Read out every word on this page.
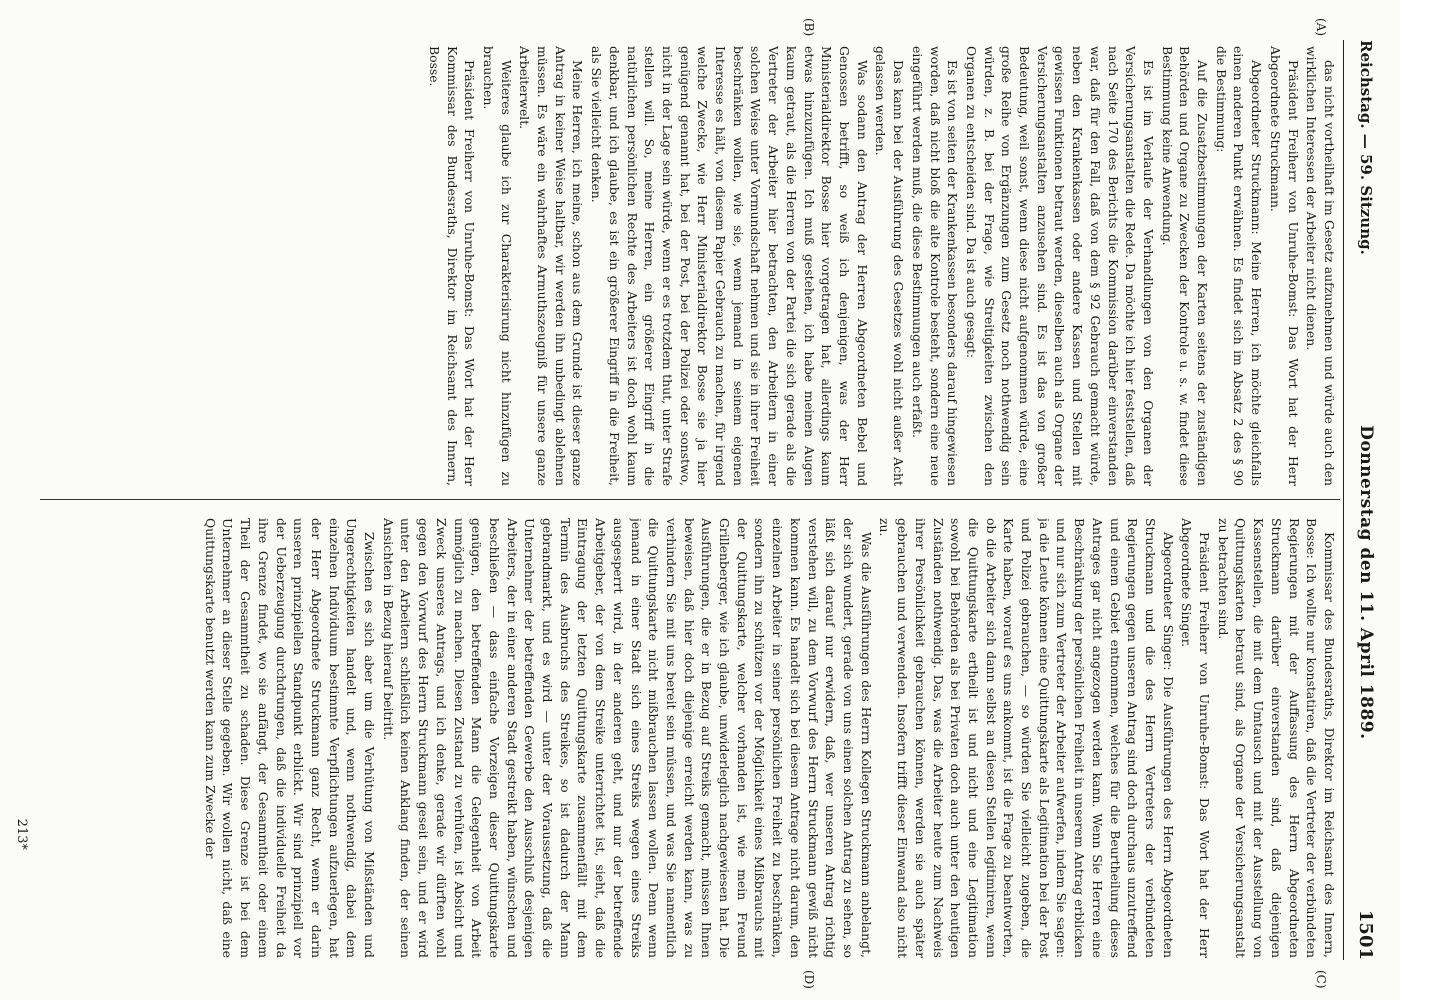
Reichstag. — 59. Sitzung.
Donnerstag den 11. April 1889.
1501
(A)
(B)
(C)
(D)

das nicht vortheilhaft im Gesetz aufzunehmen und würde auch den wirklichen Interessen der Arbeiter nicht dienen.

Präsident Freiherr von Unruhe-Bomst: Das Wort hat der Herr Abgeordnete Struckmann.

Abgeordneter Struckmann: Meine Herren, ich möchte gleichfalls einen anderen Punkt erwähnen. Es findet sich im Absatz 2 des § 90 die Bestimmung:

Auf die Zusatzbestimmungen der Karten seitens der zuständigen Behörden und Organe zu Zwecken der Kontrole u. s. w. findet diese Bestimmung keine Anwendung.

Es ist im Verlaufe der Verhandlungen von den Organen der Versicherungsanstalten die Rede. Da möchte ich hier feststellen, daß nach Seite 170 des Berichts die Kommission darüber einverstanden war, daß für den Fall, daß von dem § 92 Gebrauch gemacht würde, neben den Krankenkassen oder andere Kassen und Stellen mit gewissen Funktionen betraut werden, dieselben auch als Organe der Versicherungsanstalten anzusehen sind. Es ist das von großer Bedeutung, weil sonst, wenn diese nicht aufgenommen würde, eine große Reihe von Ergänzungen zum Gesetz noch nothwendig sein würden, z. B. bei der Frage, wie Streitigkeiten zwischen den Organen zu entscheiden sind. Da ist auch gesagt:

Es ist von seiten der Krankenkassen besonders darauf hingewiesen worden, daß nicht bloß die alte Kontrole besteht, sondern eine neue eingeführt werden muß, die diese Bestimmungen auch erfaßt.

Das kann bei der Ausführung des Gesetzes wohl nicht außer Acht gelassen werden.

Was sodann den Antrag der Herren Abgeordneten Bebel und Genossen betrifft, so weiß ich denjenigen, was der Herr Ministerialdirektor Bosse hier vorgetragen hat, allerdings kaum etwas hinzuzufügen. Ich muß gestehen, ich habe meinen Augen kaum getraut, als die Herren von der Partei die sich gerade als die Vertreter der Arbeiter hier betrachten, den Arbeitern in einer solchen Weise unter Vormundschaft nehmen und sie in ihrer Freiheit beschränken wollen, wie sie, wenn jemand in seinem eigenen Interesse es hält, von diesem Papier Gebrauch zu machen, für irgend welche Zwecke, wie Herr Ministerialdirektor Bosse sie ja hier genügend genannt hat, bei der Post, bei der Polizei oder sonstwo, nicht in der Lage sein würde, wenn er es trotzdem thut, unter Strafe stellen will. So, meine Herren, ein größerer Eingriff in die natürlichen persönlichen Rechte des Arbeiters ist doch wohl kaum denkbar, und ich glaube, es ist ein größerer Eingriff in die Freiheit, als Sie vielleicht denken.

Meine Herren, ich meine, schon aus dem Grunde ist dieser ganze Antrag in keiner Weise haltbar, wir werden ihn unbedingt ablehnen müssen. Es wäre ein wahrhaftes Armuthszeugniß für unsere ganze Arbeiterwelt.

Weiteres glaube ich zur Charakterisirung nicht hinzufügen zu brauchen.

Präsident Freiherr von Unruhe-Bomst: Das Wort hat der Herr Kommissar des Bundesraths, Direktor im Reichsamt des Innern, Bosse.

Kommissar des Bundesraths, Direktor im Reichsamt des Innern, Bosse: Ich wollte nur konstatiren, daß die Vertreter der verbündeten Regierungen mit der Auffassung des Herrn Abgeordneten Struckmann darüber einverstanden sind, daß diejenigen Kassenstellen, die mit dem Umtausch und mit der Ausstellung von Quittungskarten betraut sind, als Organe der Versicherungsanstalt zu betrachten sind.

Präsident Freiherr von Unruhe-Bomst: Das Wort hat der Herr Abgeordnete Singer.

Abgeordneter Singer: Die Ausführungen des Herrn Abgeordneten Struckmann und die des Herrn Vertreters der verbündeten Regierungen gegen unseren Antrag sind doch durchaus unzutreffend und einem Gebiet entnommen, welches für die Beurtheilung dieses Antrages gar nicht angezogen werden kann. Wenn Sie Herren eine Beschränkung der persönlichen Freiheit in unserem Antrag erblicken und nur sich zum Vertreter der Arbeiter aufwerfen, indem Sie sagen: ja die Leute können eine Quittungskarte als Legitimation bei der Post und Polizei gebrauchen, — so würden Sie vielleicht zugeben, die Karte haben, worauf es uns ankommt, ist die Frage zu beantworten, ob die Arbeiter sich dann selbst an diesen Stellen legitimiren, wenn die Quittungskarte ertheilt ist und nicht und eine Legitimation sowohl bei Behörden als bei Privaten doch auch unter den heutigen Zuständen nothwendig. Das, was die Arbeiter heute zum Nachweis ihrer Persönlichkeit gebrauchen können, werden sie auch später gebrauchen und verwenden. Insofern trifft dieser Einwand also nicht zu.

Was die Ausführungen des Herrn Kollegen Struckmann anbelangt, der sich wundert, gerade von uns einen solchen Antrag zu sehen, so läßt sich darauf nur erwidern, daß, wer unseren Antrag richtig verstehen will, zu dem Vorwurf des Herrn Struckmann gewiß nicht kommen kann. Es handelt sich bei diesem Antrage nicht darum, den einzelnen Arbeiter in seiner persönlichen Freiheit zu beschränken, sondern ihn zu schützen vor der Möglichkeit eines Mißbrauchs mit der Quittungskarte, welcher vorhanden ist, wie mein Freund Grillenberger, wie ich glaube, unwiderleglich nachgewiesen hat. Die Ausführungen, die er in Bezug auf Streiks gemacht, müssen Ihnen beweisen, daß hier doch diejenige erreicht werden kann, was zu verhindern Sie mit uns bereit sein müssen, und was Sie namentlich die Quittungskarte nicht mißbrauchen lassen wollen. Denn wenn jemand in einer Stadt sich eines Streiks wegen eines Streiks ausgesperrt wird, in der anderen geht, und nur der betreffende Arbeitgeber, der von dem Streike unterrichtet ist, sieht, daß die Eintragung der letzten Quittungskarte zusammenfällt mit dem Termin des Ausbruchs des Streikes, so ist dadurch der Mann gebrandmarkt, und es wird — unter der Voraussetzung, daß die Unternehmer der betreffenden Gewerbe den Ausschluß desjenigen Arbeiters, der in einer anderen Stadt gestreikt haben, wünschen und beschließen — dass einfache Vorzeigen dieser Quittungskarte genügen, den betreffenden Mann die Gelegenheit von Arbeit unmöglich zu machen. Diesen Zustand zu verhüten, ist Absicht und Zweck unseres Antrags, und ich denke, gerade wir dürften wohl gegen den Vorwurf des Herrn Struckmann geseit sein, und er wird unter den Arbeitern schließlich keinen Anklang finden, der seinen Ansichten in Bezug hierauf beitritt.

Zwischen es sich aber um die Verhütung von Mißständen und Ungerechtigkeiten handelt und, wenn nothwendig, dabei dem einzelnen Individuum bestimmte Verpflichtungen aufzuerlegen, hat der Herr Abgeordnete Struckmann ganz Recht, wenn er darin unseren prinzipiellen Standpunkt erblickt. Wir sind prinzipiell vor der Ueberzeugung durchdrungen, daß die individuelle Freiheit da ihre Grenze findet, wo sie anfängt, der Gesammtheit oder einem Theil der Gesammtheit zu schaden. Diese Grenze ist bei dem Unternehmer an dieser Stelle gegeben. Wir wollen nicht, daß eine Quittungskarte benutzt werden kann zum Zwecke der

213*
